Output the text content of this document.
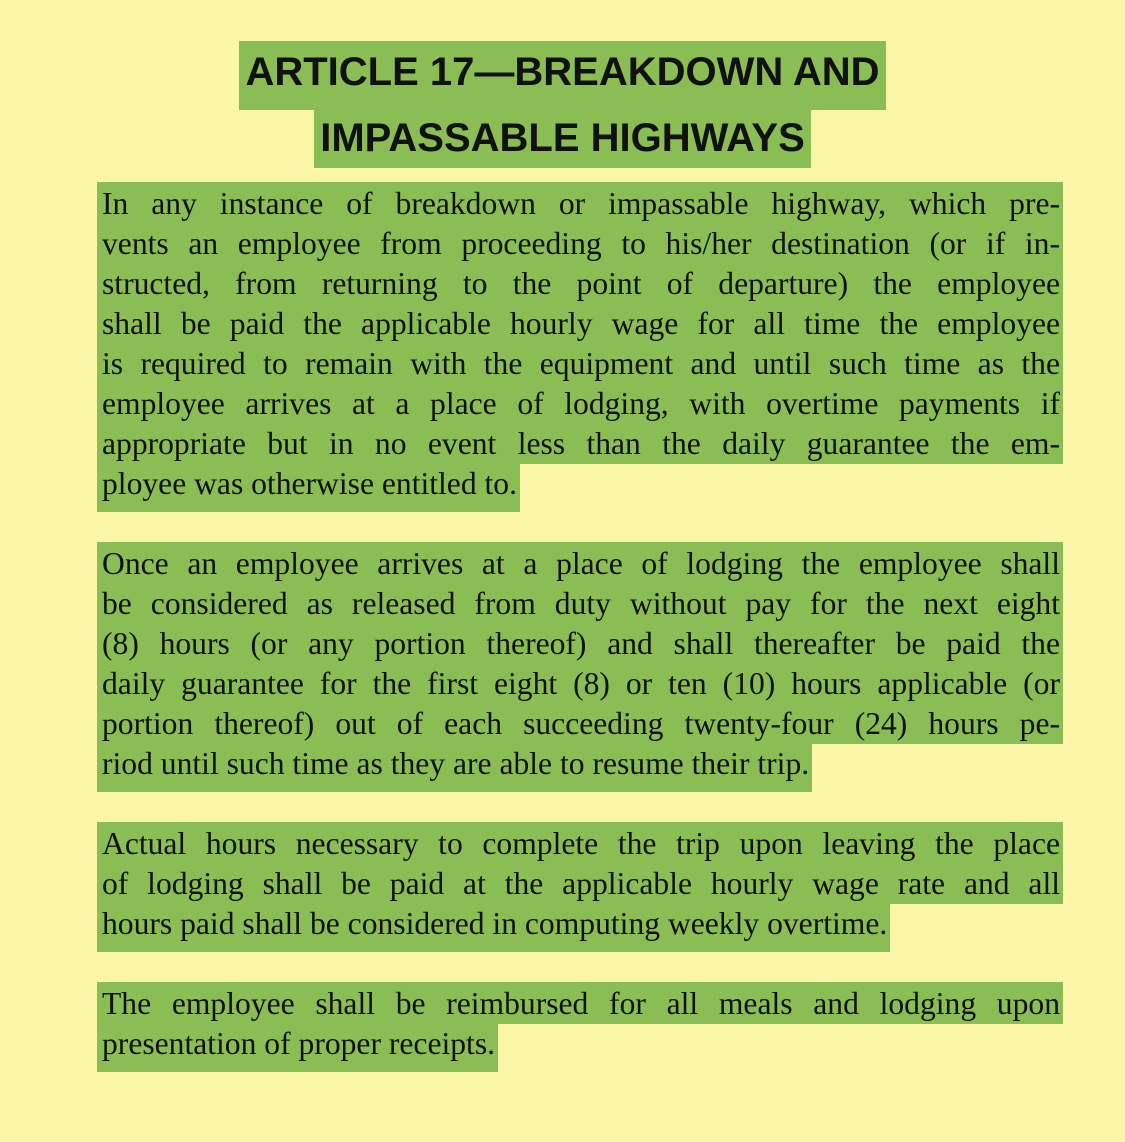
ARTICLE 17—BREAKDOWN AND
IMPASSABLE HIGHWAYS
In any instance of breakdown or impassable highway, which pre-
vents an employee from proceeding to his/her destination (or if in-
structed, from returning to the point of departure) the employee
shall be paid the applicable hourly wage for all time the employee
is required to remain with the equipment and until such time as the
employee arrives at a place of lodging, with overtime payments if
appropriate but in no event less than the daily guarantee the em-
ployee was otherwise entitled to.
Once an employee arrives at a place of lodging the employee shall
be considered as released from duty without pay for the next eight
(8) hours (or any portion thereof) and shall thereafter be paid the
daily guarantee for the first eight (8) or ten (10) hours applicable (or
portion thereof) out of each succeeding twenty-four (24) hours pe-
riod until such time as they are able to resume their trip.
Actual hours necessary to complete the trip upon leaving the place
of lodging shall be paid at the applicable hourly wage rate and all
hours paid shall be considered in computing weekly overtime.
The employee shall be reimbursed for all meals and lodging upon
presentation of proper receipts.
